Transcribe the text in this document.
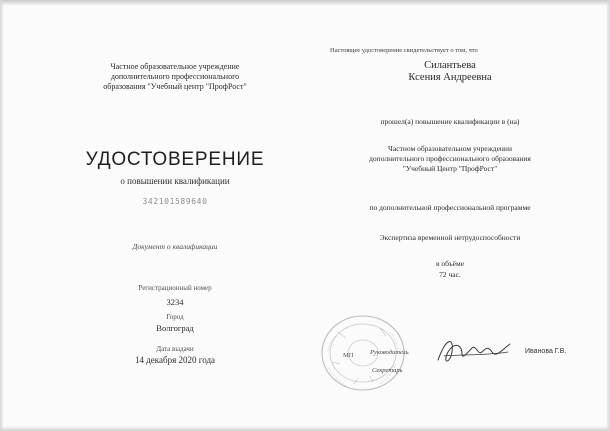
Частное образовательное учреждение
дополнительного профессионального
образования "Учебный центр "ПрофРост"
УДОСТОВЕРЕНИЕ
о повышении квалификации
342101589640
Документ о квалификации
Регистрационный номер
3234
Город
Волгоград
Дата выдачи
14 декабря 2020 года
Настоящее удостоверение свидетельствует о том, что
Силантьева
Ксения Андреевна
прошел(а) повышение квалификации в (на)
Частном образовательном учреждении
дополнительного профессионального образования
"Учебный Центр "ПрофРост"
по дополнительной профессиональной программе
Экспертиза временной нетрудоспособности
в объёме
72 час.
МП	Руководитель
Секретарь
Иванова Г.В.
